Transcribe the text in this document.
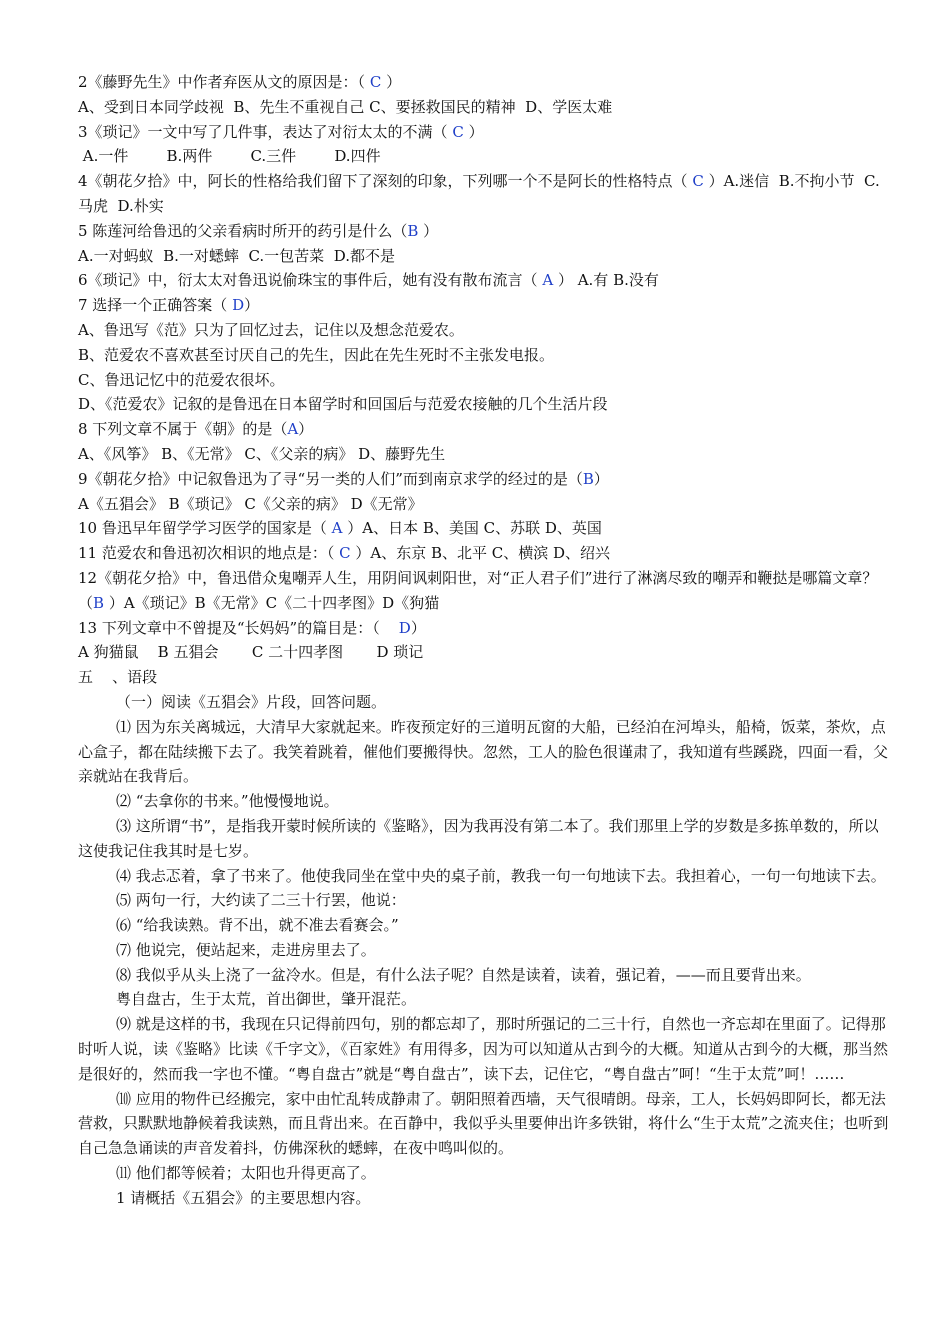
2《藤野先生》中作者弃医从文的原因是：（ C ）
A、受到日本同学歧视  B、先生不重视自己 C、要拯救国民的精神  D、学医太难
3《琐记》一文中写了几件事，表达了对衍太太的不满（ C ）
A.一件        B.两件        C.三件        D.四件
4《朝花夕拾》中，阿长的性格给我们留下了深刻的印象，下列哪一个不是阿长的性格特点（ C ）A.迷信  B.不拘小节  C.马虎  D.朴实
5 陈莲河给鲁迅的父亲看病时所开的药引是什么（B ）
A.一对蚂蚁  B.一对蟋蟀  C.一包苦菜  D.都不是
6《琐记》中，衍太太对鲁迅说偷珠宝的事件后，她有没有散布流言（ A ） A.有 B.没有
7 选择一个正确答案（ D）
A、鲁迅写《范》只为了回忆过去，记住以及想念范爱农。
B、范爱农不喜欢甚至讨厌自己的先生，因此在先生死时不主张发电报。
C、鲁迅记忆中的范爱农很坏。
D、《范爱农》记叙的是鲁迅在日本留学时和回国后与范爱农接触的几个生活片段
8 下列文章不属于《朝》的是（A）
A、《风筝》 B、《无常》 C、《父亲的病》 D、藤野先生
9《朝花夕拾》中记叙鲁迅为了寻“另一类的人们”而到南京求学的经过的是（B）
A《五猖会》 B《琐记》 C《父亲的病》 D《无常》
10 鲁迅早年留学学习医学的国家是（ A ）A、日本 B、美国 C、苏联 D、英国
11 范爱农和鲁迅初次相识的地点是：（ C ）A、东京 B、北平 C、横滨 D、绍兴
12《朝花夕拾》中，鲁迅借众鬼嘲弄人生，用阴间讽刺阳世，对“正人君子们”进行了淋漓尽致的嘲弄和鞭挞是哪篇文章？（B ）A《琐记》B《无常》C《二十四孝图》D《狗猫
13 下列文章中不曾提及“长妈妈”的篇目是：（    D）
A 狗猫鼠    B 五猖会       C 二十四孝图       D 琐记
五    、语段
（一）阅读《五猖会》片段，回答问题。
⑴ 因为东关离城远，大清早大家就起来。昨夜预定好的三道明瓦窗的大船，已经泊在河埠头，船椅，饭菜，茶炊，点心盒子，都在陆续搬下去了。我笑着跳着，催他们要搬得快。忽然，工人的脸色很谨肃了，我知道有些蹊跷，四面一看，父亲就站在我背后。
⑵ “去拿你的书来。”他慢慢地说。
⑶ 这所谓“书”，是指我开蒙时候所读的《鉴略》，因为我再没有第二本了。我们那里上学的岁数是多拣单数的，所以这使我记住我其时是七岁。
⑷ 我忐忑着，拿了书来了。他使我同坐在堂中央的桌子前，教我一句一句地读下去。我担着心，一句一句地读下去。
⑸ 两句一行，大约读了二三十行罢，他说：
⑹ “给我读熟。背不出，就不准去看赛会。”
⑺ 他说完，便站起来，走进房里去了。
⑻ 我似乎从头上浇了一盆冷水。但是，有什么法子呢？自然是读着，读着，强记着，——而且要背出来。
粤自盘古，生于太荒，首出御世，肇开混茫。
⑼ 就是这样的书，我现在只记得前四句，别的都忘却了，那时所强记的二三十行，自然也一齐忘却在里面了。记得那时听人说，读《鉴略》比读《千字文》，《百家姓》有用得多，因为可以知道从古到今的大概。知道从古到今的大概，那当然是很好的，然而我一字也不懂。“粤自盘古”就是“粤自盘古”，读下去，记住它，“粤自盘古”呵！“生于太荒”呵！……
⑽ 应用的物件已经搬完，家中由忙乱转成静肃了。朝阳照着西墙，天气很晴朗。母亲，工人，长妈妈即阿长，都无法营救，只默默地静候着我读熟，而且背出来。在百静中，我似乎头里要伸出许多铁钳，将什么“生于太荒”之流夹住；也听到自己急急诵读的声音发着抖，仿佛深秋的蟋蟀，在夜中鸣叫似的。
⑾ 他们都等候着；太阳也升得更高了。
1 请概括《五猖会》的主要思想内容。
